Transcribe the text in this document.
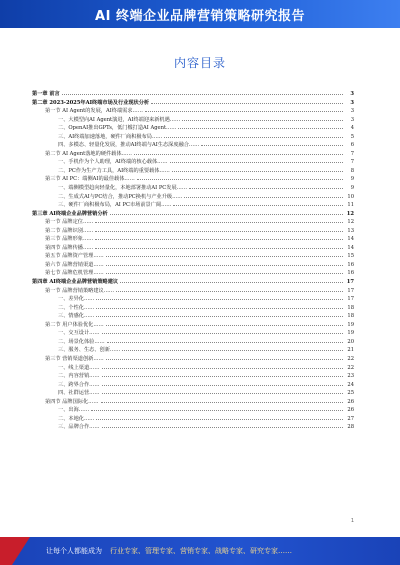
AI 终端企业品牌营销策略研究报告
内容目录
第一章 前言	3
第二章 2023-2025年AI终端市场及行业现状分析	3
第一节 AI Agent的发展，AI终端需求……	3
一、大模型向AI Agent演进，AI终端迎来新机遇……	3
二、OpenAI推出GPTs，低门槛打造AI Agent……	4
三、AI终端加速落地，硬件厂商积极布局……	5
四、多模态、轻量化发展，推动AI终端与AI生态深度融合……	6
第二节 AI Agent落地的硬件载体……	7
一、手机作为个人助理，AI终端的核心载体……	7
二、PC作为生产力工具，AI终端的重要载体……	8
第三节 AI PC：端侧AI的最佳载体……	9
一、端侧模型趋向轻量化，本地部署推动AI PC发展……	9
二、生成式AI与PC结合，推动PC换机与产业升级……	10
三、硬件厂商积极布局，AI PC市场前景广阔……	11
第三章 AI终端企业品牌营销分析	12
第一节 品牌定位……	12
第二节 品牌识别……	13
第三节 品牌形象……	14
第四节 品牌传播……	14
第五节 品牌资产管理……	15
第六节 品牌营销渠道……	16
第七节 品牌危机管理……	16
第四章 AI终端企业品牌营销策略建议	17
第一节 品牌营销策略建议……	17
一、差异化……	17
二、个性化……	18
三、情感化……	18
第二节 用户体验优化……	19
一、交互设计……	19
二、场景化体验……	20
三、服务、生态、创新……	21
第三节 营销渠道创新……	22
一、线上渠道……	22
二、内容营销……	23
三、跨界合作……	24
四、社群运营……	25
第四节 品牌国际化……	26
一、出海……	26
二、本地化……	27
三、品牌合作……	28
1
让每个人都能成为 行业专家、管理专家、营销专家、战略专家、研究专家……
